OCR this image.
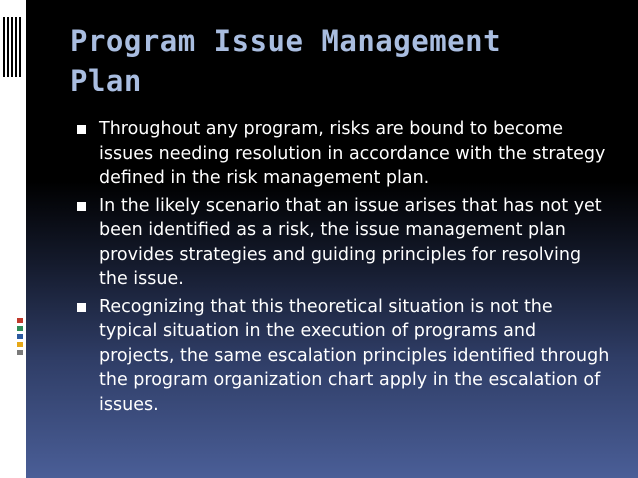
Program Issue Management Plan
Throughout any program, risks are bound to become issues needing resolution in accordance with the strategy defined in the risk management plan.
In the likely scenario that an issue arises that has not yet been identified as a risk, the issue management plan provides strategies and guiding principles for resolving the issue.
Recognizing that this theoretical situation is not the typical situation in the execution of programs and projects, the same escalation principles identified through the program organization chart apply in the escalation of issues.
